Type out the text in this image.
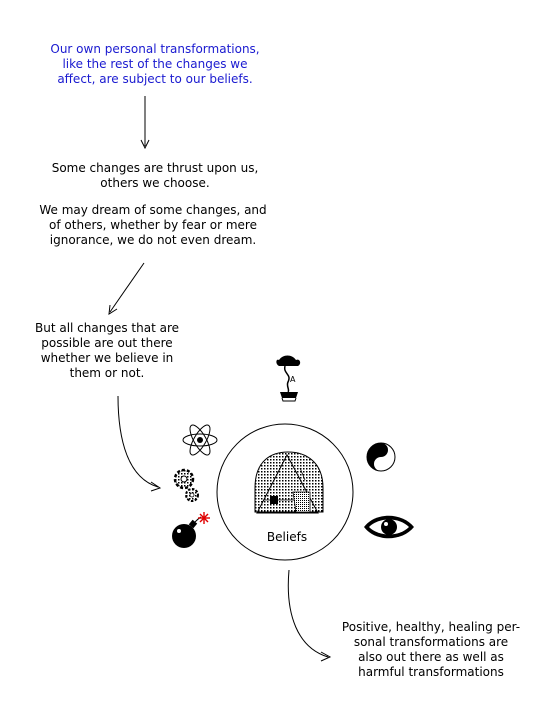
Our own personal transformations,
like the rest of the changes we
affect, are subject to our beliefs.
Some changes are thrust upon us,
others we choose.
We may dream of some changes, and
of others, whether by fear or mere
ignorance, we do not even dream.
But all changes that are
possible are out there
whether we believe in
them or not.
Positive, healthy, healing per-
sonal transformations are
also out there as well as
harmful transformations
A
Beliefs
